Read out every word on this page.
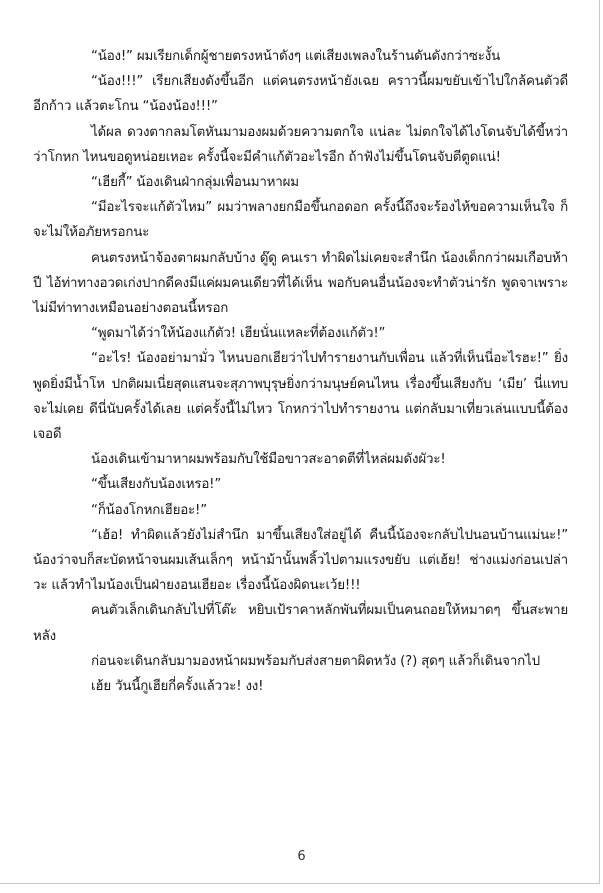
“น้อง!” ผมเรียกเด็กผู้ชายตรงหน้าดังๆ แต่เสียงเพลงในร้านดันดังกว่าซะงั้น

“น้อง!!!” เรียกเสียงดังขึ้นอีก แต่คนตรงหน้ายังเฉย คราวนี้ผมขยับเข้าไปใกล้คนตัวดีอีกก้าว แล้วตะโกน “น้องน้อง!!!”

ได้ผล ดวงตากลมโตหันมามองผมด้วยความตกใจ แน่ละ ไม่ตกใจได้ไงโดนจับได้ขี้หว่าว่าโกหก ไหนขอดูหน่อยเหอะ ครั้งนี้จะมีคำแก้ตัวอะไรอีก ถ้าฟังไม่ขึ้นโดนจับตีตูดแน่!

“เฮียกี้” น้องเดินฝ่ากลุ่มเพื่อนมาหาผม

“มีอะไรจะแก้ตัวไหม” ผมว่าพลางยกมือขึ้นกอดอก ครั้งนี้ถึงจะร้องไห้ขอความเห็นใจ ก็จะไม่ให้อภัยหรอกนะ

คนตรงหน้าจ้องตาผมกลับบ้าง ดู๊ดู คนเรา ทำผิดไม่เคยจะสำนึก น้องเด็กกว่าผมเกือบห้าปี ไอ้ท่าทางอวดเก่งปากดีคงมีแค่ผมคนเดียวที่ได้เห็น พอกับคนอื่นน้องจะทำตัวน่ารัก พูดจาเพราะ ไม่มีท่าทางเหมือนอย่างตอนนี้หรอก

“พูดมาได้ว่าให้น้องแก้ตัว! เฮียนั่นแหละที่ต้องแก้ตัว!”

“อะไร! น้องอย่ามามั่ว ไหนบอกเฮียว่าไปทำรายงานกับเพื่อน แล้วที่เห็นนี่อะไรฮะ!” ยิ่งพูดยิ่งมีน้ำโห ปกติผมเนี่ยสุดแสนจะสุภาพบุรุษยิ่งกว่ามนุษย์คนไหน เรื่องขึ้นเสียงกับ ‘เมีย’ นี่แทบจะไม่เคย ดีนี่นับครั้งได้เลย แต่ครั้งนี้ไม่ไหว โกหกว่าไปทำรายงาน แต่กลับมาเที่ยวเล่นแบบนี้ต้องเจอดี

น้องเดินเข้ามาหาผมพร้อมกับใช้มือขาวสะอาดตีที่ไหล่ผมดังผัวะ!

“ขึ้นเสียงกับน้องเหรอ!”

“ก็น้องโกหกเฮียอะ!”

“เฮ้อ! ทำผิดแล้วยังไม่สำนึก มาขึ้นเสียงใส่อยู่ได้ คืนนี้น้องจะกลับไปนอนบ้านแม่นะ!” น้องว่าจบก็สะบัดหน้าจนผมเส้นเล็กๆ หน้าม้านั้นพลิ้วไปตามแรงขยับ แต่เฮ้ย! ช่างแม่งก่อนเปล่าวะ แล้วทำไมน้องเป็นฝ่ายงอนเฮียอะ เรื่องนี้น้องผิดนะเว้ย!!!

คนตัวเล็กเดินกลับไปที่โต๊ะ หยิบเป้ราคาหลักพันที่ผมเป็นคนถอยให้หมาดๆ ขึ้นสะพายหลัง

ก่อนจะเดินกลับมามองหน้าผมพร้อมกับส่งสายตาผิดหวัง (?) สุดๆ แล้วก็เดินจากไป

เฮ้ย วันนี้กูเฮียกี่ครั้งแล้ววะ! งง!

6
